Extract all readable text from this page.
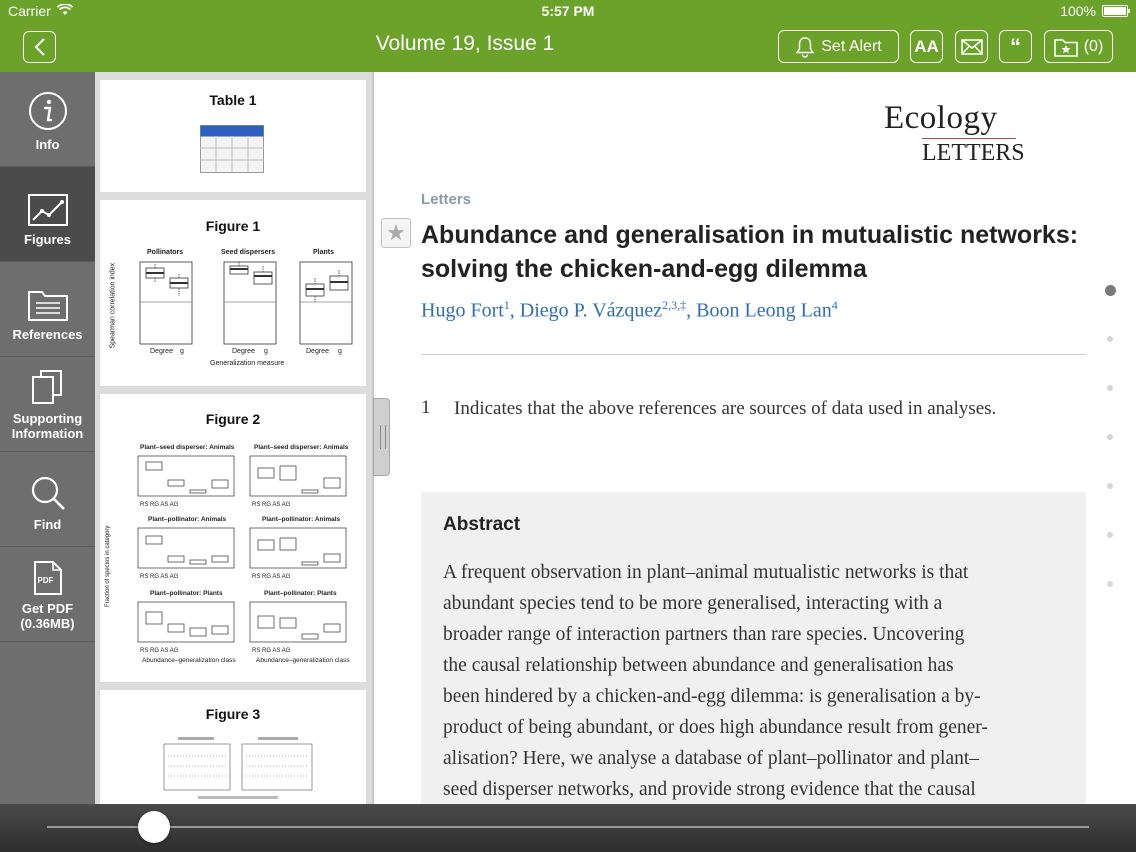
Carrier	5:57 PM	100%
Volume 19, Issue 1	Set Alert AA	“	(0)
Info
Figures
References
Supporting
Information
Find
PDF
Get PDF
(0.36MB)
Table 1
Figure 1
Pollinators	Seed dispersers	Plants
Spearman correlation index
Generalization measure
Degree g	Degree g	Degree g
Figure 2
Plant–seed disperser: Animals	Plant–seed disperser: Animals
Plant–pollinator: Animals	Plant–pollinator: Animals
Plant–pollinator: Plants	Plant–pollinator: Plants
Fraction of species in category
Abundance–generalization class	Abundance–generalization class
RS RG AS AG	RS RG AS AG
RS RG AS AG	RS RG AS AG
RS RG AS AG	RS RG AS AG
Figure 3
Ecology
LETTERS
Letters
★ Abundance and generalisation in mutualistic networks: solving the chicken-and-egg dilemma
Hugo Fort$^1$, Diego P. Vázquez$^{2,3,\ddagger}$, Boon Leong Lan$^4$
1 Indicates that the above references are sources of data used in analyses.
Abstract
A frequent observation in plant–animal mutualistic networks is that
abundant species tend to be more generalised, interacting with a
broader range of interaction partners than rare species. Uncovering
the causal relationship between abundance and generalisation has
been hindered by a chicken-and-egg dilemma: is generalisation a by-
product of being abundant, or does high abundance result from gener-
alisation? Here, we analyse a database of plant–pollinator and plant–
seed disperser networks, and provide strong evidence that the causal
